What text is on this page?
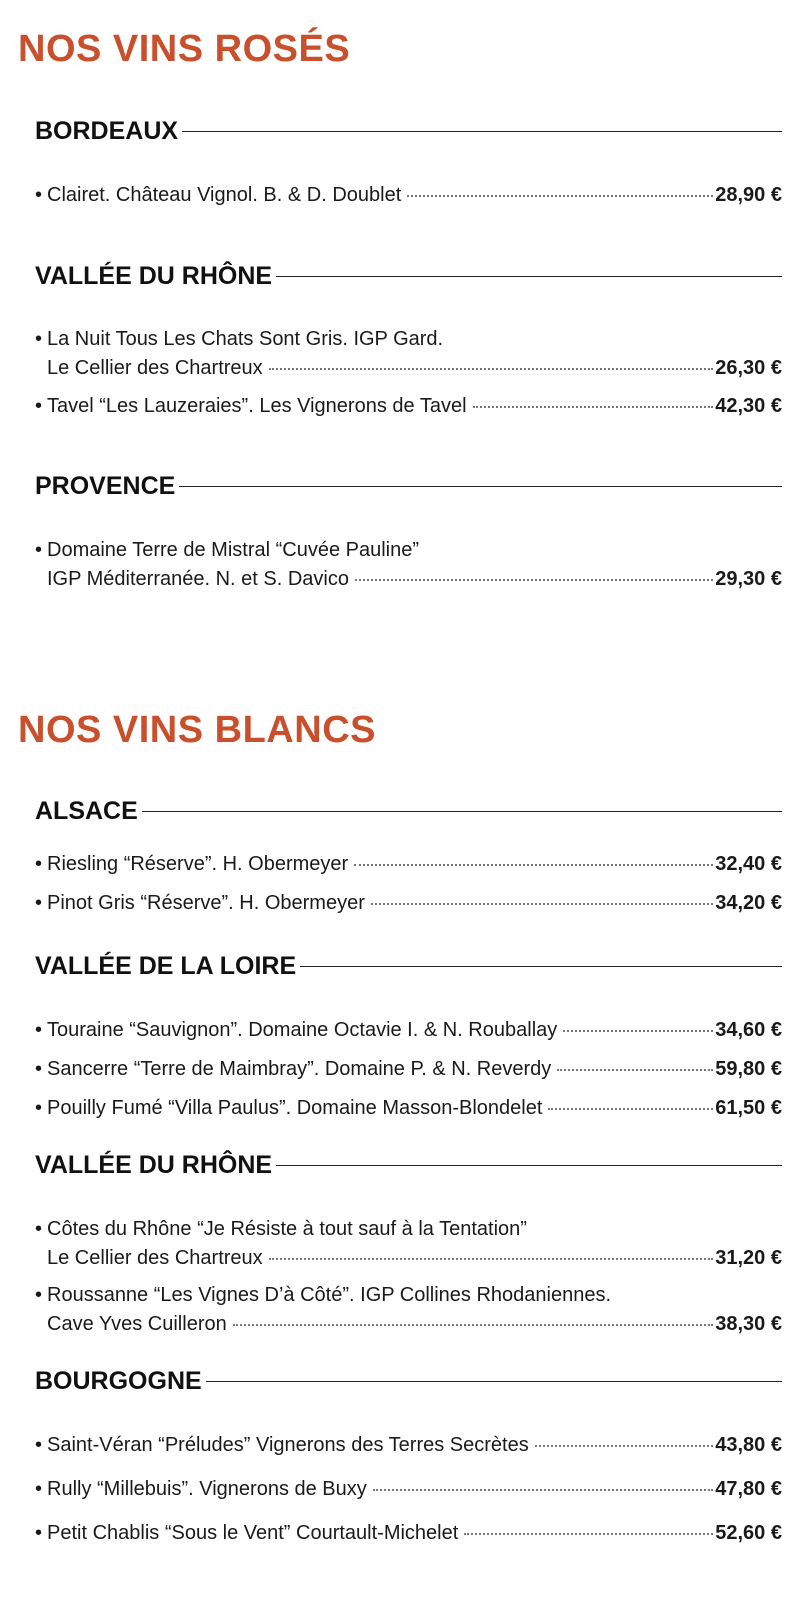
NOS VINS ROSÉS
BORDEAUX
• Clairet. Château Vignol. B. & D. Doublet	28,90 €
VALLÉE DU RHÔNE
• La Nuit Tous Les Chats Sont Gris. IGP Gard.
Le Cellier des Chartreux	26,30 €
• Tavel “Les Lauzeraies”. Les Vignerons de Tavel	42,30 €
PROVENCE
• Domaine Terre de Mistral “Cuvée Pauline”
IGP Méditerranée. N. et S. Davico	29,30 €
NOS VINS BLANCS
ALSACE
• Riesling “Réserve”. H. Obermeyer	32,40 €
• Pinot Gris “Réserve”. H. Obermeyer	34,20 €
VALLÉE DE LA LOIRE
• Touraine “Sauvignon”. Domaine Octavie I. & N. Rouballay	34,60 €
• Sancerre “Terre de Maimbray”. Domaine P. & N. Reverdy	59,80 €
• Pouilly Fumé “Villa Paulus”. Domaine Masson-Blondelet	61,50 €
VALLÉE DU RHÔNE
• Côtes du Rhône “Je Résiste à tout sauf à la Tentation”
Le Cellier des Chartreux	31,20 €
• Roussanne “Les Vignes D’à Côté”. IGP Collines Rhodaniennes.
Cave Yves Cuilleron	38,30 €
BOURGOGNE
• Saint-Véran “Préludes” Vignerons des Terres Secrètes	43,80 €
• Rully “Millebuis”. Vignerons de Buxy	47,80 €
• Petit Chablis “Sous le Vent” Courtault-Michelet	52,60 €
